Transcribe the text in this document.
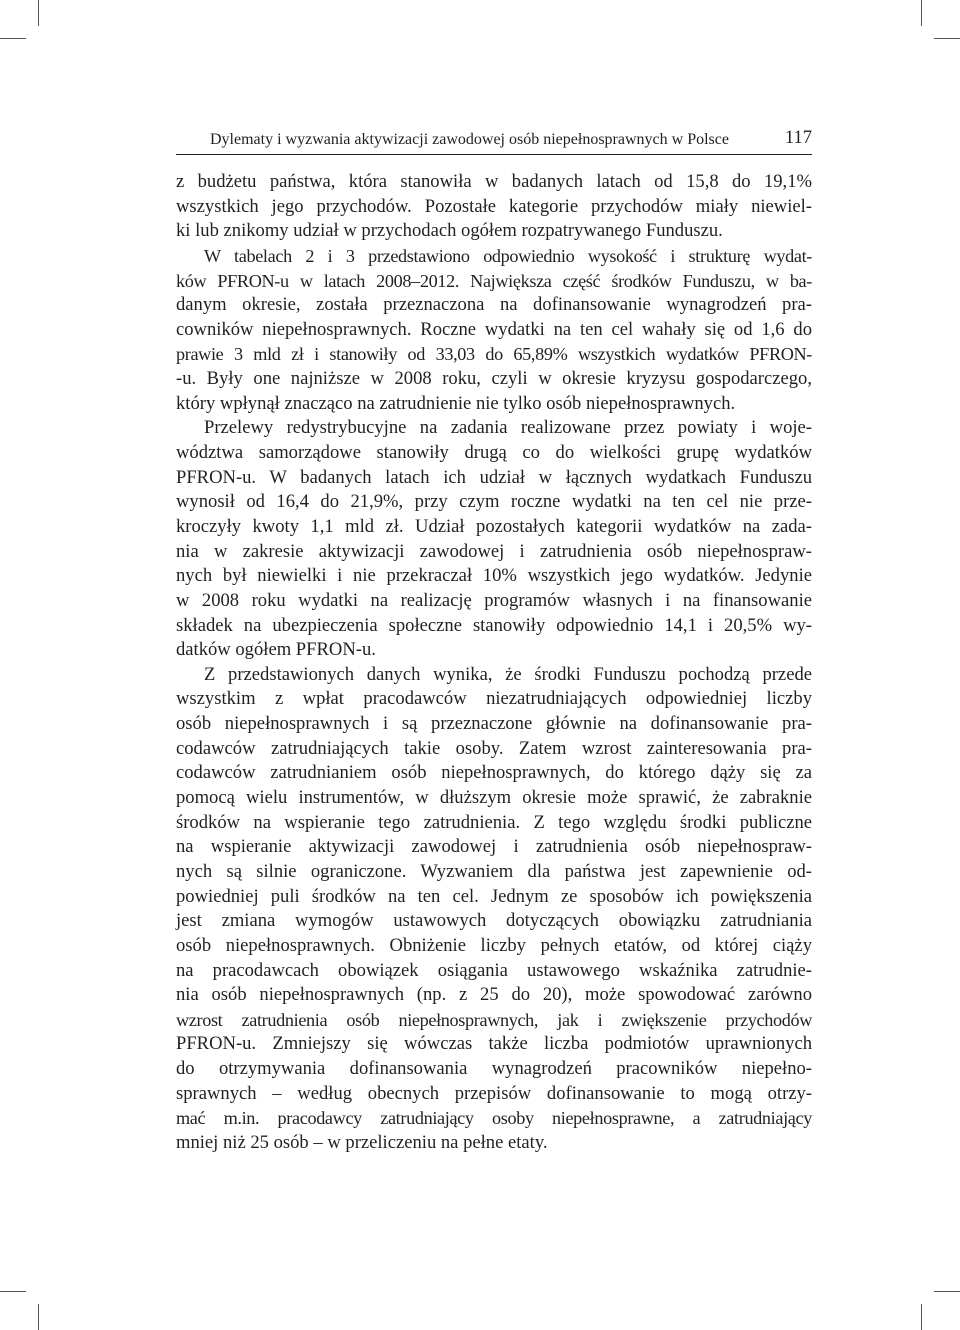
Dylematy i wyzwania aktywizacji zawodowej osób niepełnosprawnych w Polsce	117
z budżetu państwa, która stanowiła w badanych latach od 15,8 do 19,1%
wszystkich jego przychodów. Pozostałe kategorie przychodów miały niewiel-
ki lub znikomy udział w przychodach ogółem rozpatrywanego Funduszu.
W tabelach 2 i 3 przedstawiono odpowiednio wysokość i strukturę wydat-
ków PFRON-u w latach 2008–2012. Największa część środków Funduszu, w ba-
danym okresie, została przeznaczona na dofinansowanie wynagrodzeń pra-
cowników niepełnosprawnych. Roczne wydatki na ten cel wahały się od 1,6 do
prawie 3 mld zł i stanowiły od 33,03 do 65,89% wszystkich wydatków PFRON-
-u. Były one najniższe w 2008 roku, czyli w okresie kryzysu gospodarczego,
który wpłynął znacząco na zatrudnienie nie tylko osób niepełnosprawnych.
Przelewy redystrybucyjne na zadania realizowane przez powiaty i woje-
wództwa samorządowe stanowiły drugą co do wielkości grupę wydatków
PFRON-u. W badanych latach ich udział w łącznych wydatkach Funduszu
wynosił od 16,4 do 21,9%, przy czym roczne wydatki na ten cel nie prze-
kroczyły kwoty 1,1 mld zł. Udział pozostałych kategorii wydatków na zada-
nia w zakresie aktywizacji zawodowej i zatrudnienia osób niepełnospraw-
nych był niewielki i nie przekraczał 10% wszystkich jego wydatków. Jedynie
w 2008 roku wydatki na realizację programów własnych i na finansowanie
składek na ubezpieczenia społeczne stanowiły odpowiednio 14,1 i 20,5% wy-
datków ogółem PFRON-u.
Z przedstawionych danych wynika, że środki Funduszu pochodzą przede
wszystkim z wpłat pracodawców niezatrudniających odpowiedniej liczby
osób niepełnosprawnych i są przeznaczone głównie na dofinansowanie pra-
codawców zatrudniających takie osoby. Zatem wzrost zainteresowania pra-
codawców zatrudnianiem osób niepełnosprawnych, do którego dąży się za
pomocą wielu instrumentów, w dłuższym okresie może sprawić, że zabraknie
środków na wspieranie tego zatrudnienia. Z tego względu środki publiczne
na wspieranie aktywizacji zawodowej i zatrudnienia osób niepełnospraw-
nych są silnie ograniczone. Wyzwaniem dla państwa jest zapewnienie od-
powiedniej puli środków na ten cel. Jednym ze sposobów ich powiększenia
jest zmiana wymogów ustawowych dotyczących obowiązku zatrudniania
osób niepełnosprawnych. Obniżenie liczby pełnych etatów, od której ciąży
na pracodawcach obowiązek osiągania ustawowego wskaźnika zatrudnie-
nia osób niepełnosprawnych (np. z 25 do 20), może spowodować zarówno
wzrost zatrudnienia osób niepełnosprawnych, jak i zwiększenie przychodów
PFRON-u. Zmniejszy się wówczas także liczba podmiotów uprawnionych
do otrzymywania dofinansowania wynagrodzeń pracowników niepełno-
sprawnych – według obecnych przepisów dofinansowanie to mogą otrzy-
mać m.in. pracodawcy zatrudniający osoby niepełnosprawne, a zatrudniający
mniej niż 25 osób – w przeliczeniu na pełne etaty.
